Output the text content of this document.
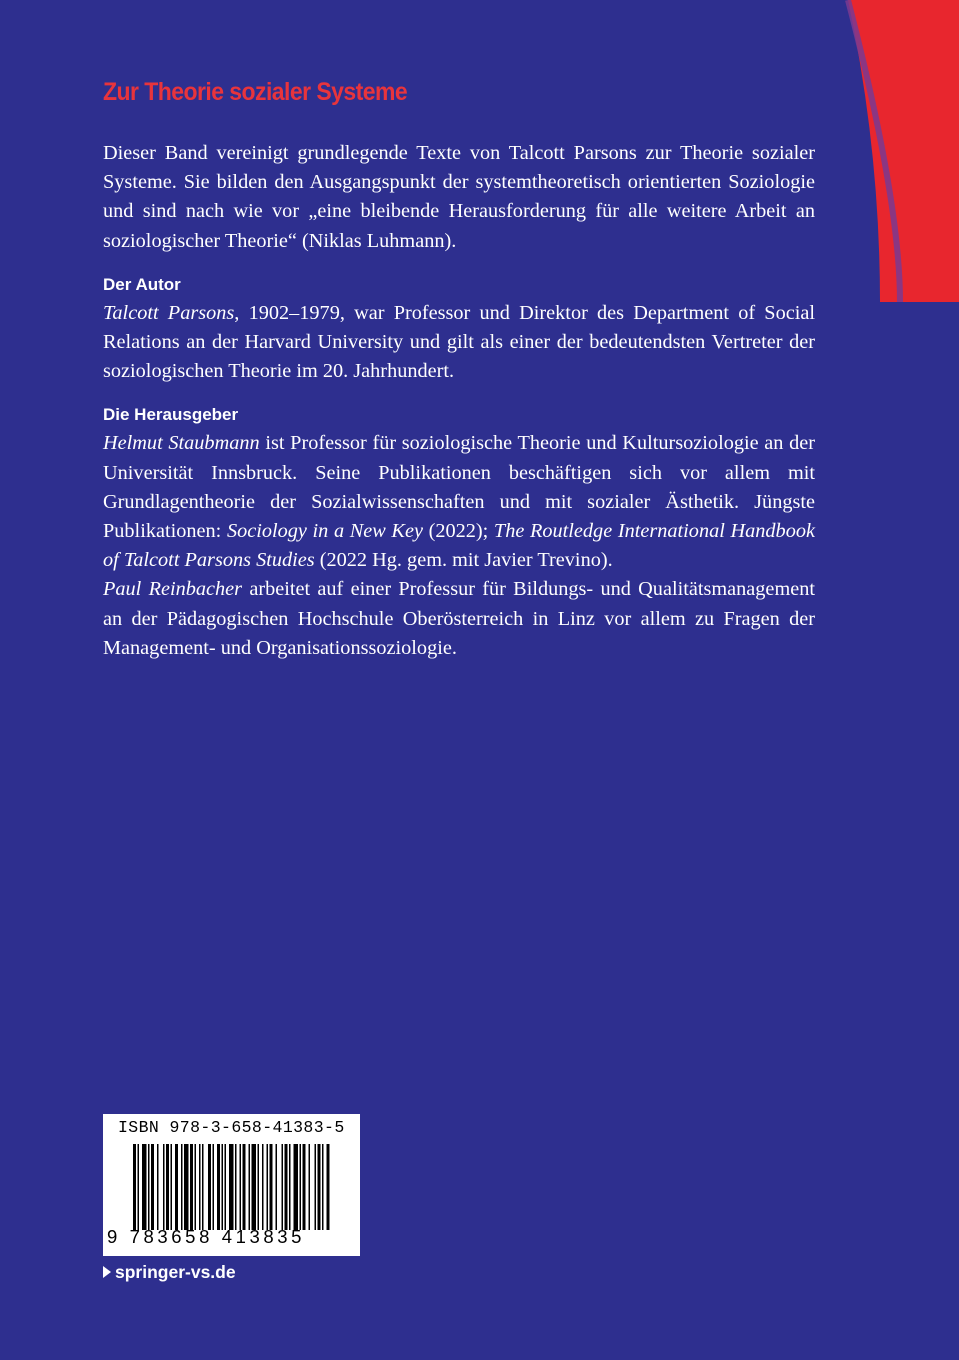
Zur Theorie sozialer Systeme

Dieser Band vereinigt grundlegende Texte von Talcott Parsons zur Theorie sozialer Systeme. Sie bilden den Ausgangspunkt der systemtheoretisch orientierten Soziologie und sind nach wie vor „eine bleibende Herausforderung für alle weitere Arbeit an soziologischer Theorie“ (Niklas Luhmann).

Der Autor

Talcott Parsons, 1902–1979, war Professor und Direktor des Department of Social Relations an der Harvard University und gilt als einer der bedeutendsten Vertreter der soziologischen Theorie im 20. Jahrhundert.

Die Herausgeber

Helmut Staubmann ist Professor für soziologische Theorie und Kultursoziologie an der Universität Innsbruck. Seine Publikationen beschäftigen sich vor allem mit Grundlagentheorie der Sozialwissenschaften und mit sozialer Ästhetik. Jüngste Publikationen: Sociology in a New Key (2022); The Routledge International Handbook of Talcott Parsons Studies (2022 Hg. gem. mit Javier Trevino).

Paul Reinbacher arbeitet auf einer Professur für Bildungs- und Qualitätsmanagement an der Pädagogischen Hochschule Oberösterreich in Linz vor allem zu Fragen der Management- und Organisationssoziologie.

ISBN 978-3-658-41383-5
9 783658 413835
springer-vs.de
